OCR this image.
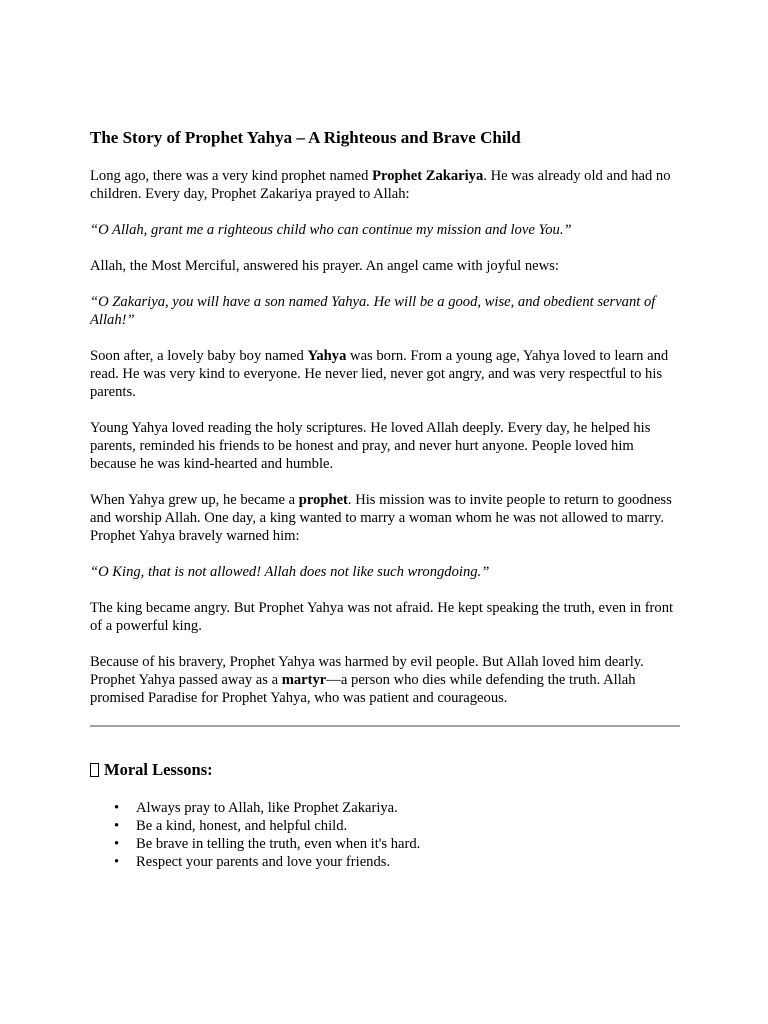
The Story of Prophet Yahya – A Righteous and Brave Child

Long ago, there was a very kind prophet named Prophet Zakariya. He was already old and had no children. Every day, Prophet Zakariya prayed to Allah:

“O Allah, grant me a righteous child who can continue my mission and love You.”

Allah, the Most Merciful, answered his prayer. An angel came with joyful news:

“O Zakariya, you will have a son named Yahya. He will be a good, wise, and obedient servant of Allah!”

Soon after, a lovely baby boy named Yahya was born. From a young age, Yahya loved to learn and read. He was very kind to everyone. He never lied, never got angry, and was very respectful to his parents.

Young Yahya loved reading the holy scriptures. He loved Allah deeply. Every day, he helped his parents, reminded his friends to be honest and pray, and never hurt anyone. People loved him because he was kind-hearted and humble.

When Yahya grew up, he became a prophet. His mission was to invite people to return to goodness and worship Allah. One day, a king wanted to marry a woman whom he was not allowed to marry. Prophet Yahya bravely warned him:

“O King, that is not allowed! Allah does not like such wrongdoing.”

The king became angry. But Prophet Yahya was not afraid. He kept speaking the truth, even in front of a powerful king.

Because of his bravery, Prophet Yahya was harmed by evil people. But Allah loved him dearly. Prophet Yahya passed away as a martyr—a person who dies while defending the truth. Allah promised Paradise for Prophet Yahya, who was patient and courageous.

Moral Lessons:
• Always pray to Allah, like Prophet Zakariya.
• Be a kind, honest, and helpful child.
• Be brave in telling the truth, even when it's hard.
• Respect your parents and love your friends.
